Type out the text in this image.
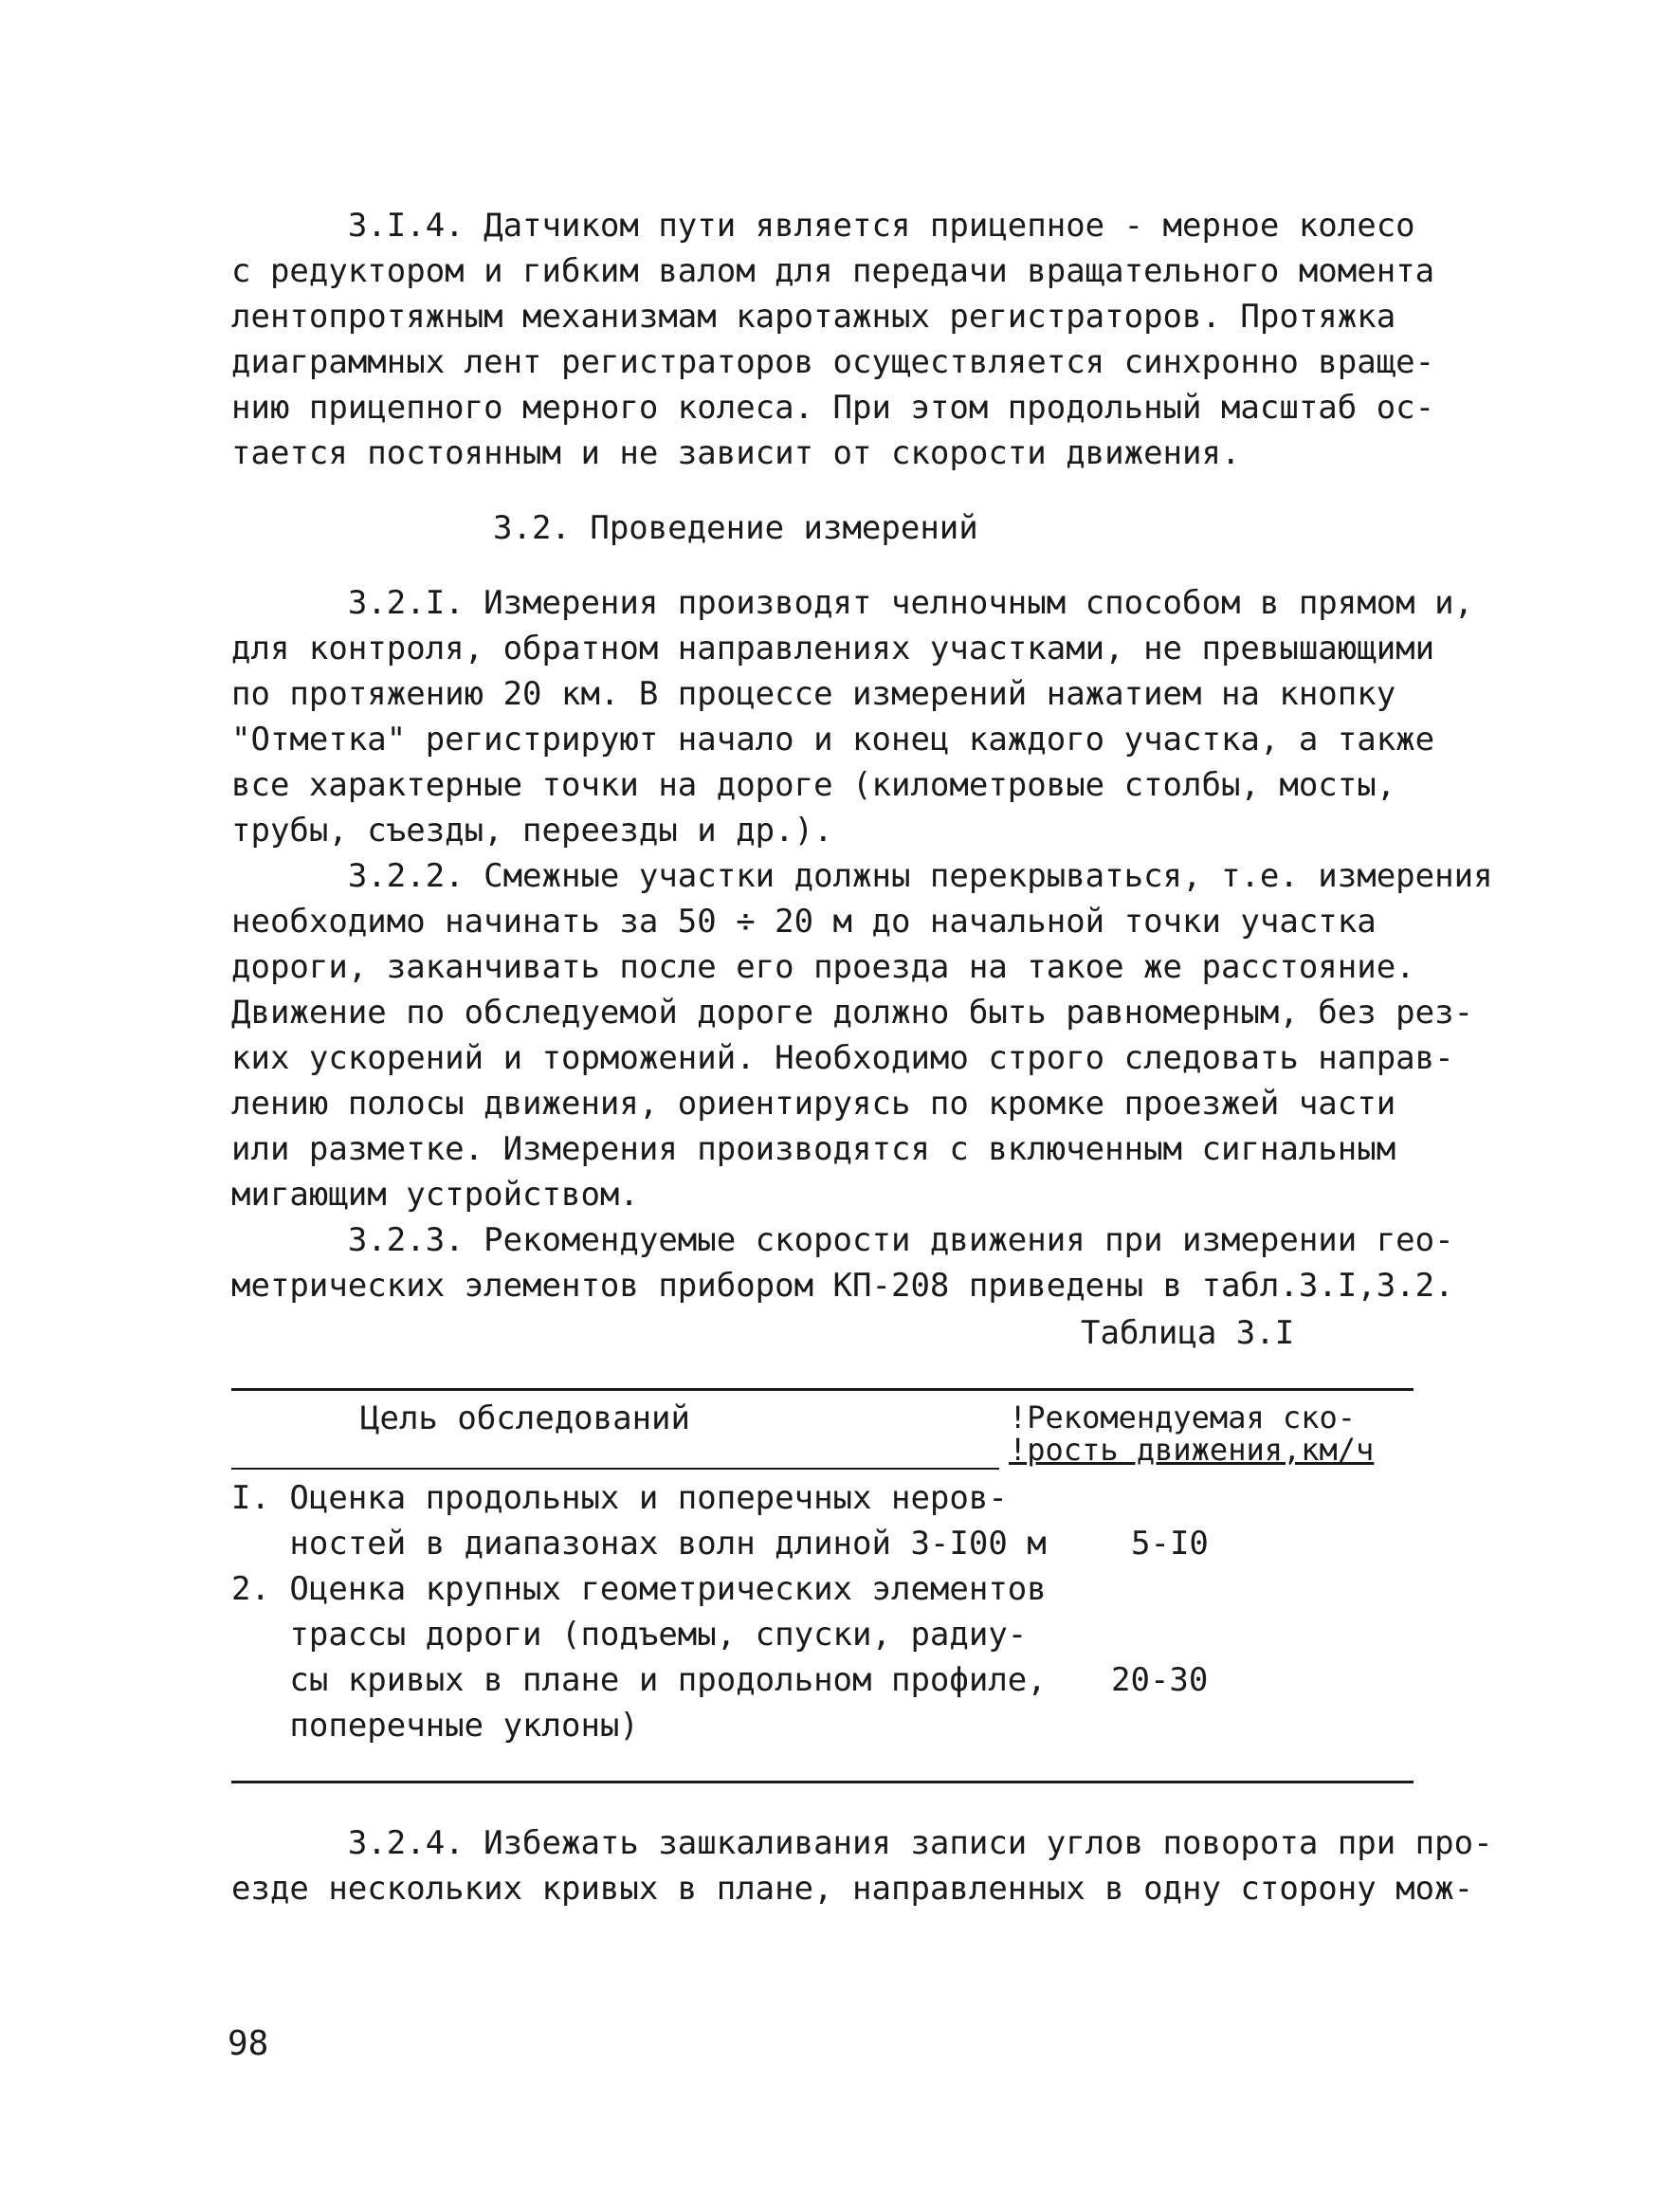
3.I.4. Датчиком пути является прицепное - мерное колесо

с редуктором и гибким валом для передачи вращательного момента

лентопротяжным механизмам каротажных регистраторов. Протяжка

диаграммных лент регистраторов осуществляется синхронно враще-

нию прицепного мерного колеса. При этом продольный масштаб ос-

тается постоянным и не зависит от скорости движения.

3.2. Проведение измерений

3.2.I. Измерения производят челночным способом в прямом и,

для контроля, обратном направлениях участками, не превышающими

по протяжению 20 км. В процессе измерений нажатием на кнопку

"Отметка" регистрируют начало и конец каждого участка, а также

все характерные точки на дороге (километровые столбы, мосты,

трубы, съезды, переезды и др.).

3.2.2. Смежные участки должны перекрываться, т.е. измерения

необходимо начинать за 50 ÷ 20 м до начальной точки участка

дороги, заканчивать после его проезда на такое же расстояние.

Движение по обследуемой дороге должно быть равномерным, без рез-

ких ускорений и торможений. Необходимо строго следовать направ-

лению полосы движения, ориентируясь по кромке проезжей части

или разметке. Измерения производятся с включенным сигнальным

мигающим устройством.

3.2.3. Рекомендуемые скорости движения при измерении гео-

метрических элементов прибором КП-208 приведены в табл.3.I,3.2.

Таблица 3.I

Цель обследований	!Рекомендуемая ско-

!рость движения,км/ч

I. Оценка продольных и поперечных неров-

ностей в диапазонах волн длиной 3-I00 м	5-I0

2. Оценка крупных геометрических элементов

трассы дороги (подъемы, спуски, радиу-

сы кривых в плане и продольном профиле,

поперечные уклоны)

20-30

3.2.4. Избежать зашкаливания записи углов поворота при про-

езде нескольких кривых в плане, направленных в одну сторону мож-

98
